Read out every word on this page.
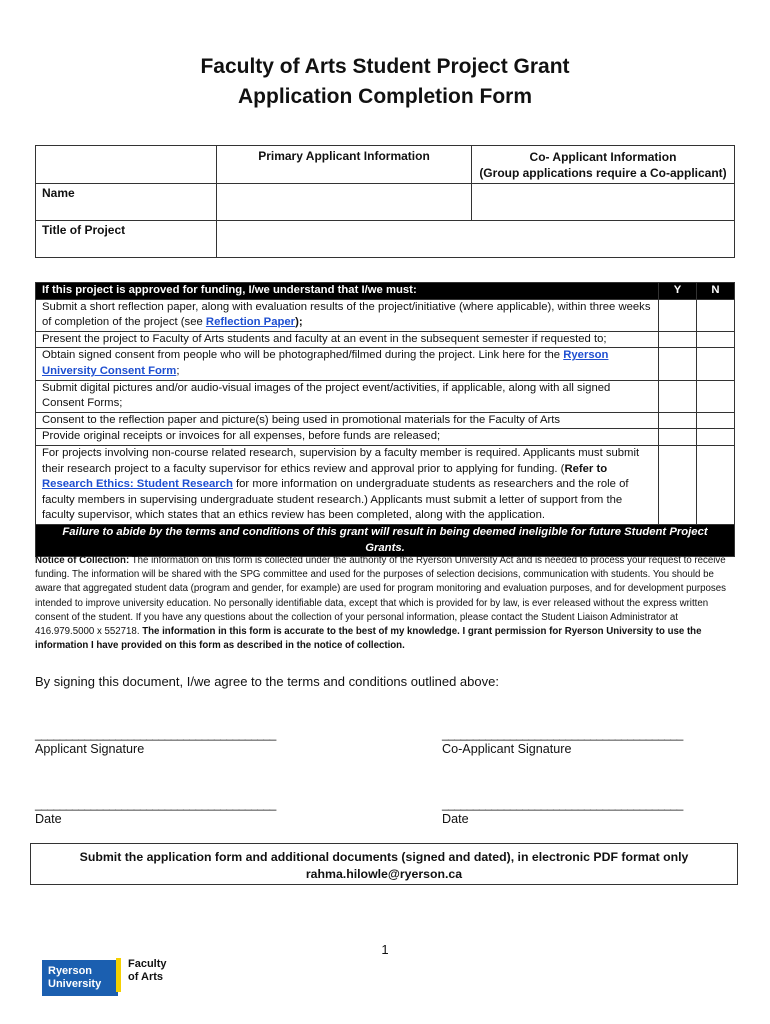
Faculty of Arts Student Project Grant
Application Completion Form
	Primary Applicant Information	Co- Applicant Information
(Group applications require a Co-applicant)
Name		
Title of Project		
If this project is approved for funding, I/we understand that I/we must:	Y	N
Submit a short reflection paper, along with evaluation results of the project/initiative (where applicable), within three weeks of completion of the project (see Reflection Paper);		
Present the project to Faculty of Arts students and faculty at an event in the subsequent semester if requested to;		
Obtain signed consent from people who will be photographed/filmed during the project. Link here for the Ryerson University Consent Form;		
Submit digital pictures and/or audio-visual images of the project event/activities, if applicable, along with all signed Consent Forms;		
Consent to the reflection paper and picture(s) being used in promotional materials for the Faculty of Arts		
Provide original receipts or invoices for all expenses, before funds are released;		
For projects involving non-course related research, supervision by a faculty member is required. Applicants must submit their research project to a faculty supervisor for ethics review and approval prior to applying for funding. (Refer to Research Ethics: Student Research for more information on undergraduate students as researchers and the role of faculty members in supervising undergraduate student research.) Applicants must submit a letter of support from the faculty supervisor, which states that an ethics review has been completed, along with the application.		
Failure to abide by the terms and conditions of this grant will result in being deemed ineligible for future Student Project Grants.		
Notice of Collection: The information on this form is collected under the authority of the Ryerson University Act and is needed to process your request to receive funding. The information will be shared with the SPG committee and used for the purposes of selection decisions, communication with students. You should be aware that aggregated student data (program and gender, for example) are used for program monitoring and evaluation purposes, and for development purposes intended to improve university education. No personally identifiable data, except that which is provided for by law, is ever released without the express written consent of the student. If you have any questions about the collection of your personal information, please contact the Student Liaison Administrator at 416.979.5000 x 552718. The information in this form is accurate to the best of my knowledge. I grant permission for Ryerson University to use the information I have provided on this form as described in the notice of collection.
By signing this document, I/we agree to the terms and conditions outlined above:
_______________________________________
Applicant Signature
_______________________________________
Co-Applicant Signature
_______________________________________
Date
_______________________________________
Date
Submit the application form and additional documents (signed and dated), in electronic PDF format only
rahma.hilowle@ryerson.ca
1
Ryerson
University
Faculty
of Arts
